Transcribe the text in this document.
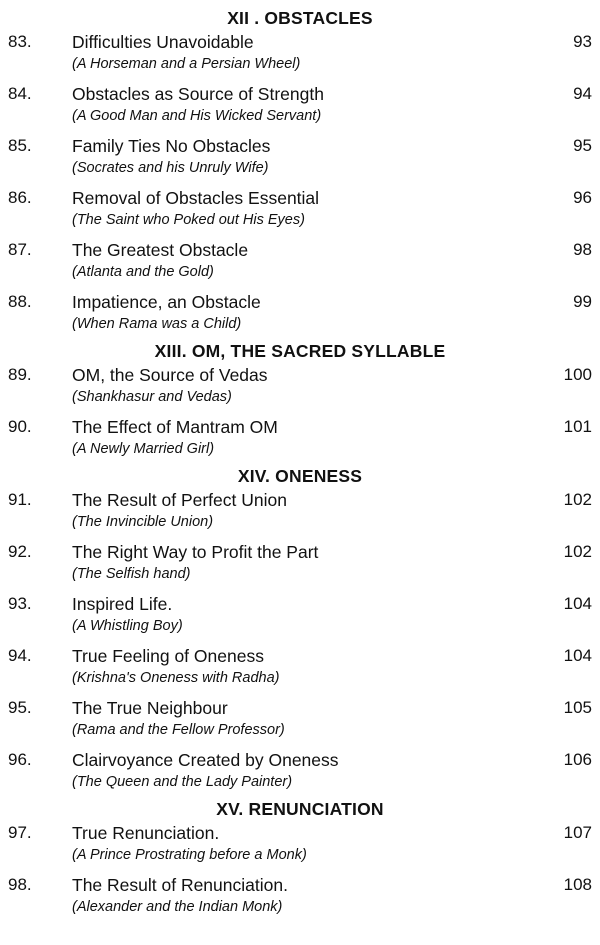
XII . OBSTACLES
83. Difficulties Unavoidable
(A Horseman and a Persian Wheel)
93
84. Obstacles as Source of Strength
(A Good Man and His Wicked Servant)
94
85. Family Ties No Obstacles
(Socrates and his Unruly Wife)
95
86. Removal of Obstacles Essential
(The Saint who Poked out His Eyes)
96
87. The Greatest Obstacle
(Atlanta and the Gold)
98
88. Impatience, an Obstacle
(When Rama was a Child)
99
XIII. OM, THE SACRED SYLLABLE
89. OM, the Source of Vedas
(Shankhasur and Vedas)
100
90. The Effect of Mantram OM
(A Newly Married Girl)
101
XIV. ONENESS
91. The Result of Perfect Union
(The Invincible Union)
102
92. The Right Way to Profit the Part
(The Selfish hand)
102
93. Inspired Life.
(A Whistling Boy)
104
94. True Feeling of Oneness
(Krishna's Oneness with Radha)
104
95. The True Neighbour
(Rama and the Fellow Professor)
105
96. Clairvoyance Created by Oneness
(The Queen and the Lady Painter)
106
XV. RENUNCIATION
97. True Renunciation.
(A Prince Prostrating before a Monk)
107
98. The Result of Renunciation.
(Alexander and the Indian Monk)
108
